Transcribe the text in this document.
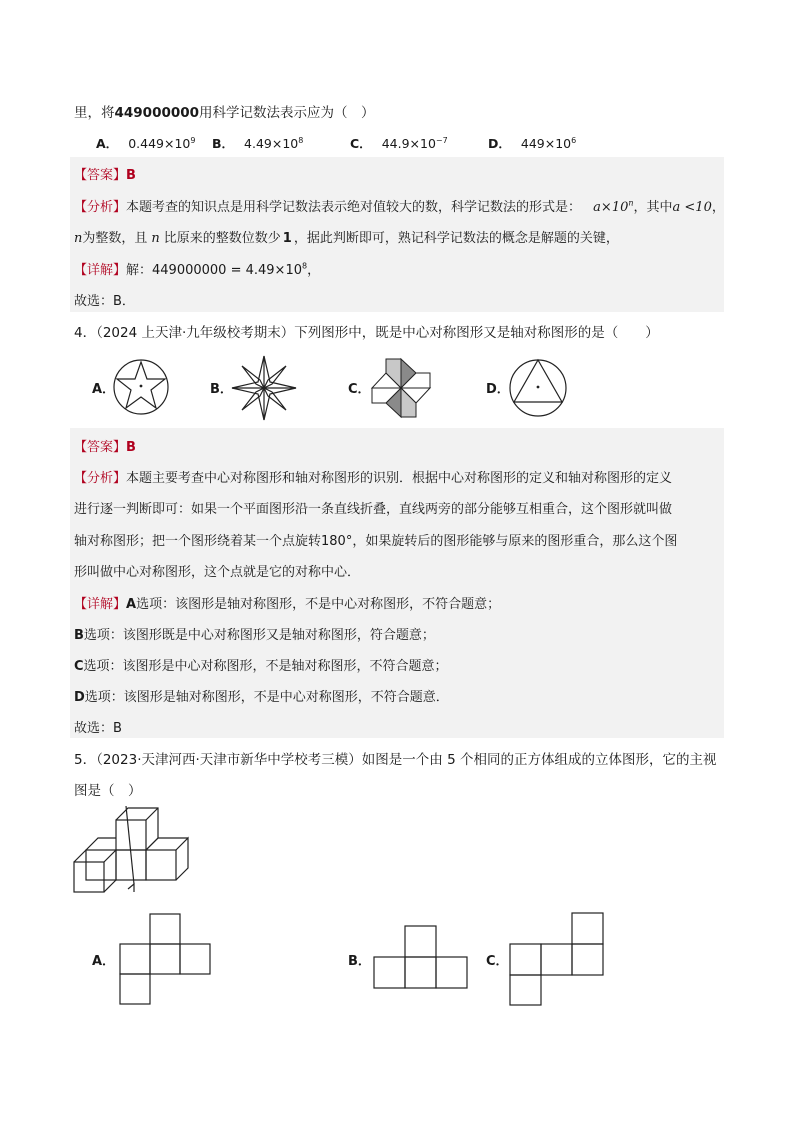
里，将449000000用科学记数法表示应为（　）
A． $0.449\times 10^9$ B． $4.49\times 10^8$	C． $44.9\times 10^{-7}$	D． $449\times 10^6$
【答案】B
【分析】本题考查的知识点是用科学记数法表示绝对值较大的数，科学记数法的形式是： $a\times 10^n$，其中a <10，
n为整数，且 n 比原来的整数位数少 1 ，据此判断即可，熟记科学记数法的概念是解题的关键，
【详解】解：$449000000 = 4.49\times 10^8$，
故选：B．
4．（2024 上天津·九年级校考期末）下列图形中，既是中心对称图形又是轴对称图形的是（　　）
A．	B．	C．	D．
【答案】B
【分析】本题主要考查中心对称图形和轴对称图形的识别．根据中心对称图形的定义和轴对称图形的定义
进行逐一判断即可：如果一个平面图形沿一条直线折叠，直线两旁的部分能够互相重合，这个图形就叫做
轴对称图形；把一个图形绕着某一个点旋转180°，如果旋转后的图形能够与原来的图形重合，那么这个图
形叫做中心对称图形，这个点就是它的对称中心．
【详解】A选项：该图形是轴对称图形，不是中心对称图形，不符合题意；
B选项：该图形既是中心对称图形又是轴对称图形，符合题意；
C选项：该图形是中心对称图形，不是轴对称图形，不符合题意；
D选项：该图形是轴对称图形，不是中心对称图形，不符合题意．
故选：B
5．（2023·天津河西·天津市新华中学校考三模）如图是一个由 5 个相同的正方体组成的立体图形，它的主视
图是（　）
A．	B．	C．
